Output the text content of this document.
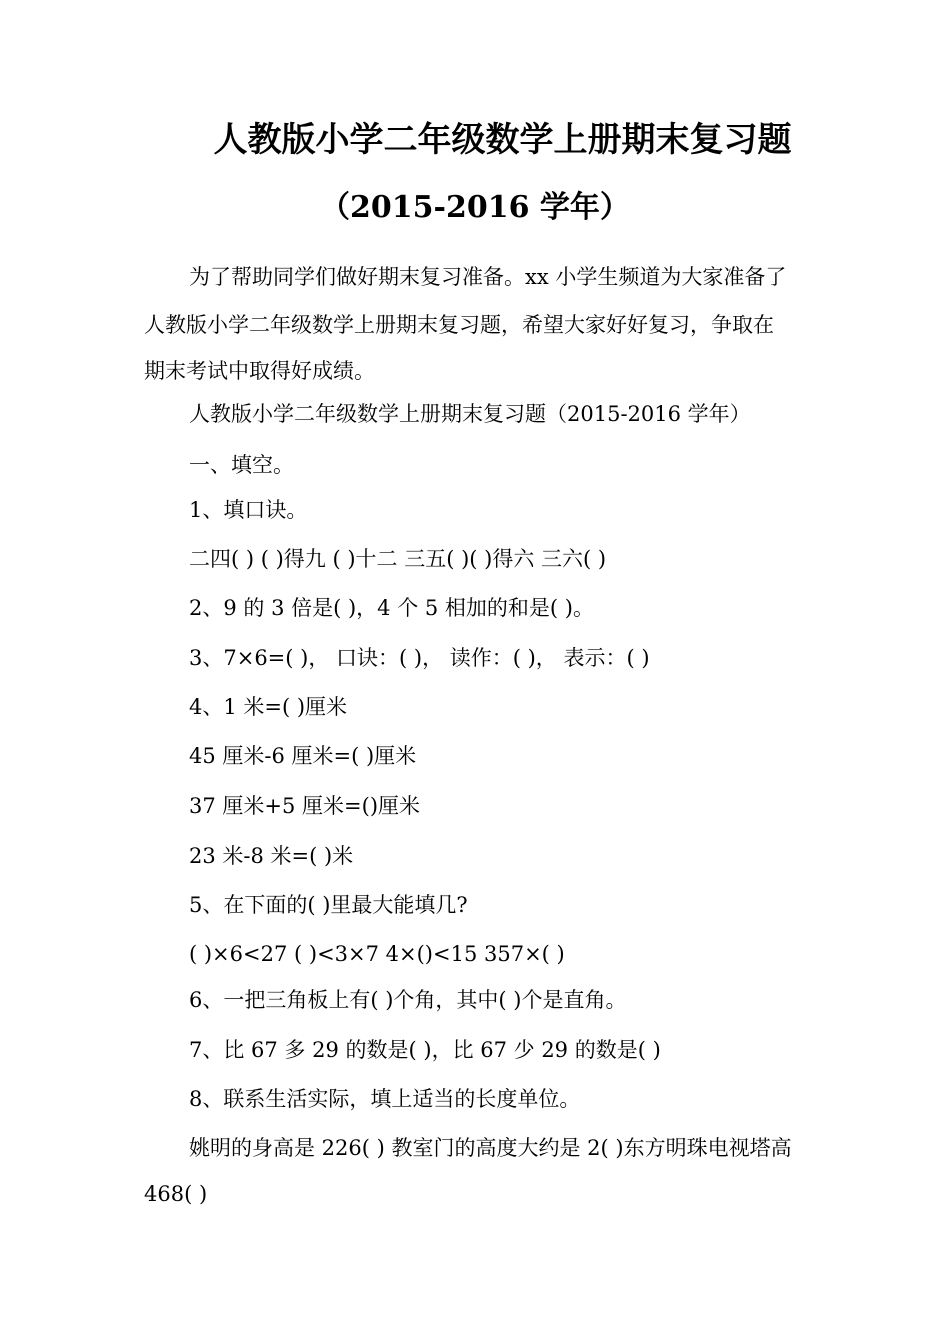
人教版小学二年级数学上册期末复习题
（2015-2016 学年）
为了帮助同学们做好期末复习准备。xx 小学生频道为大家准备了
人教版小学二年级数学上册期末复习题，希望大家好好复习，争取在
期末考试中取得好成绩。
人教版小学二年级数学上册期末复习题（2015-2016 学年）
一、填空。
1、填口诀。
二四( ) ( )得九 ( )十二 三五( )( )得六 三六( )
2、9 的 3 倍是( )，4 个 5 相加的和是( )。
3、7×6=( )， 口诀：( )， 读作：( )， 表示：( )
4、1 米=( )厘米
45 厘米-6 厘米=( )厘米
37 厘米+5 厘米=()厘米
23 米-8 米=( )米
5、在下面的( )里最大能填几?
( )×6<27 ( )<3×7 4×()<15 357×( )
6、一把三角板上有( )个角，其中( )个是直角。
7、比 67 多 29 的数是( )，比 67 少 29 的数是( )
8、联系生活实际，填上适当的长度单位。
姚明的身高是 226( ) 教室门的高度大约是 2( )东方明珠电视塔高
468( )
